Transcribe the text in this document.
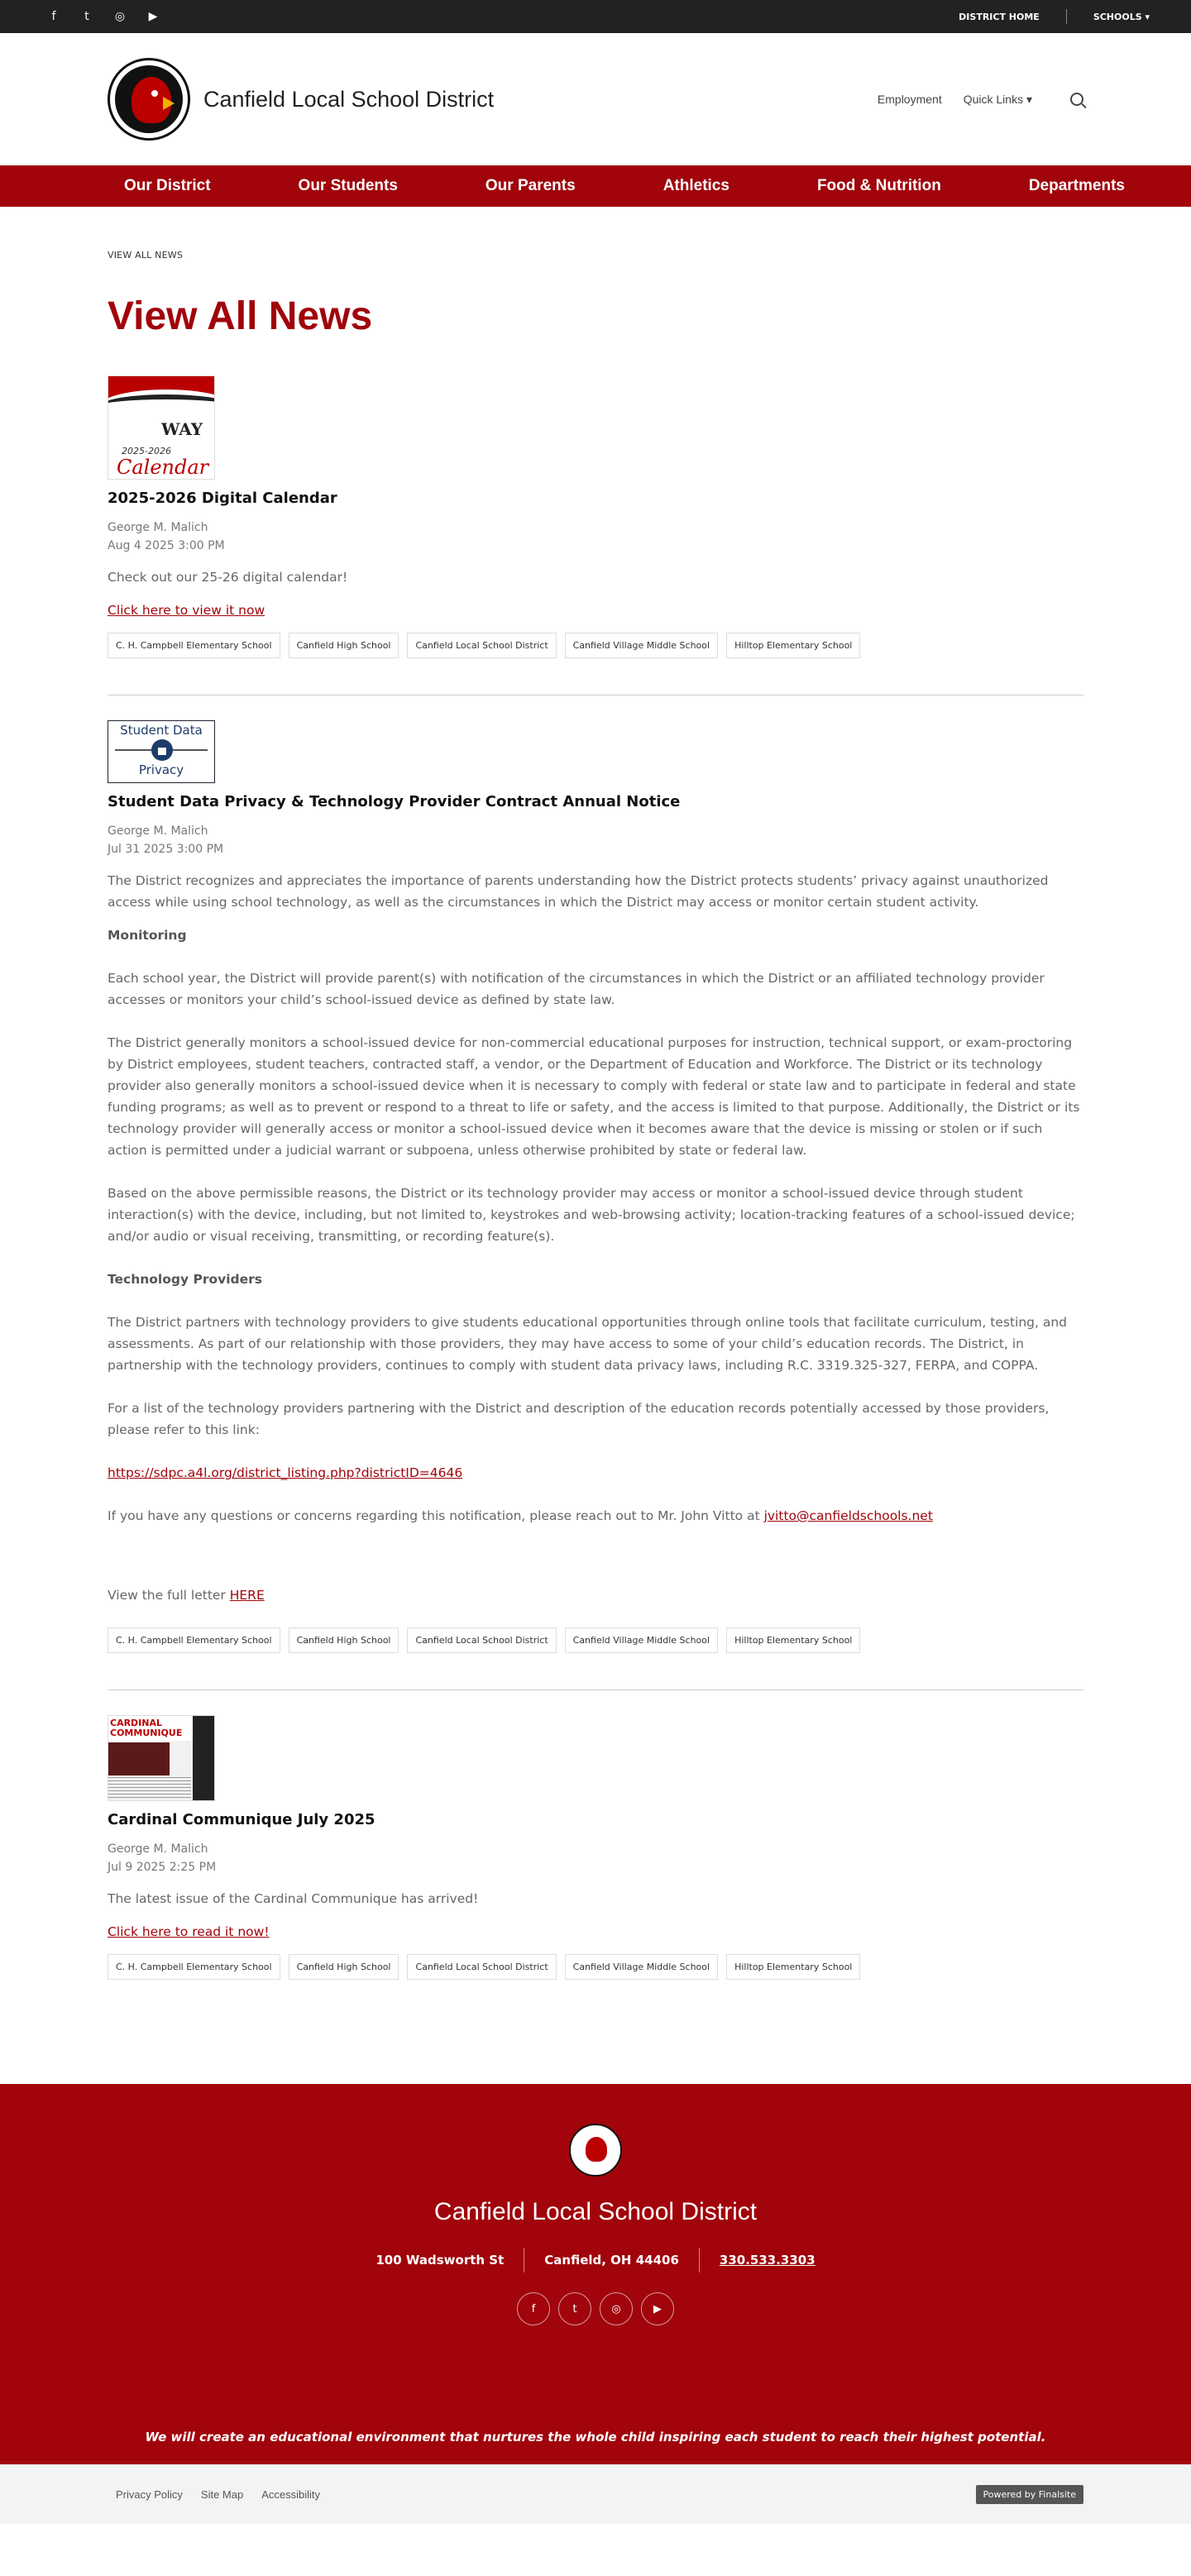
f	t	◎ ▶	DISTRICT HOME	SCHOOLS ▾
Canfield Local School District	Employment Quick Links ▾
Our District	Our Students	Our Parents	Athletics	Food & Nutrition	Departments
VIEW ALL NEWS
View All News
WAY
2025-2026
Calendar
2025-2026 Digital Calendar
George M. Malich
Aug 4 2025 3:00 PM

Check out our 25-26 digital calendar!

Click here to view it now

C. H. Campbell Elementary School	Canfield High School	Canfield Local School District	Canfield Village Middle School	Hilltop Elementary School
Student Data
Privacy
Student Data Privacy & Technology Provider Contract Annual Notice
George M. Malich
Jul 31 2025 3:00 PM

The District recognizes and appreciates the importance of parents understanding how the District protects students’ privacy against unauthorized access while using school technology, as well as the circumstances in which the District may access or monitor certain student activity.

Monitoring

Each school year, the District will provide parent(s) with notification of the circumstances in which the District or an affiliated technology provider accesses or monitors your child’s school-issued device as defined by state law.

The District generally monitors a school-issued device for non-commercial educational purposes for instruction, technical support, or exam-proctoring by District employees, student teachers, contracted staff, a vendor, or the Department of Education and Workforce. The District or its technology provider also generally monitors a school-issued device when it is necessary to comply with federal or state law and to participate in federal and state funding programs; as well as to prevent or respond to a threat to life or safety, and the access is limited to that purpose. Additionally, the District or its technology provider will generally access or monitor a school-issued device when it becomes aware that the device is missing or stolen or if such action is permitted under a judicial warrant or subpoena, unless otherwise prohibited by state or federal law.

Based on the above permissible reasons, the District or its technology provider may access or monitor a school-issued device through student interaction(s) with the device, including, but not limited to, keystrokes and web-browsing activity; location-tracking features of a school-issued device; and/or audio or visual receiving, transmitting, or recording feature(s).

Technology Providers

The District partners with technology providers to give students educational opportunities through online tools that facilitate curriculum, testing, and assessments. As part of our relationship with those providers, they may have access to some of your child’s education records. The District, in partnership with the technology providers, continues to comply with student data privacy laws, including R.C. 3319.325-327, FERPA, and COPPA.

For a list of the technology providers partnering with the District and description of the education records potentially accessed by those providers, please refer to this link:

https://sdpc.a4l.org/district_listing.php?districtID=4646

If you have any questions or concerns regarding this notification, please reach out to Mr. John Vitto at jvitto@canfieldschools.net

View the full letter HERE

C. H. Campbell Elementary School	Canfield High School	Canfield Local School District	Canfield Village Middle School	Hilltop Elementary School
CARDINAL
COMMUNIQUE
Cardinal Communique July 2025
George M. Malich
Jul 9 2025 2:25 PM

The latest issue of the Cardinal Communique has arrived!

Click here to read it now!

C. H. Campbell Elementary School	Canfield High School	Canfield Local School District	Canfield Village Middle School	Hilltop Elementary School
Canfield Local School District
100 Wadsworth St	Canfield, OH 44406	330.533.3303
f	t	◎	▶
We will create an educational environment that nurtures the whole child inspiring each student to reach their highest potential.
Privacy Policy Site Map Accessibility	Powered by Finalsite
